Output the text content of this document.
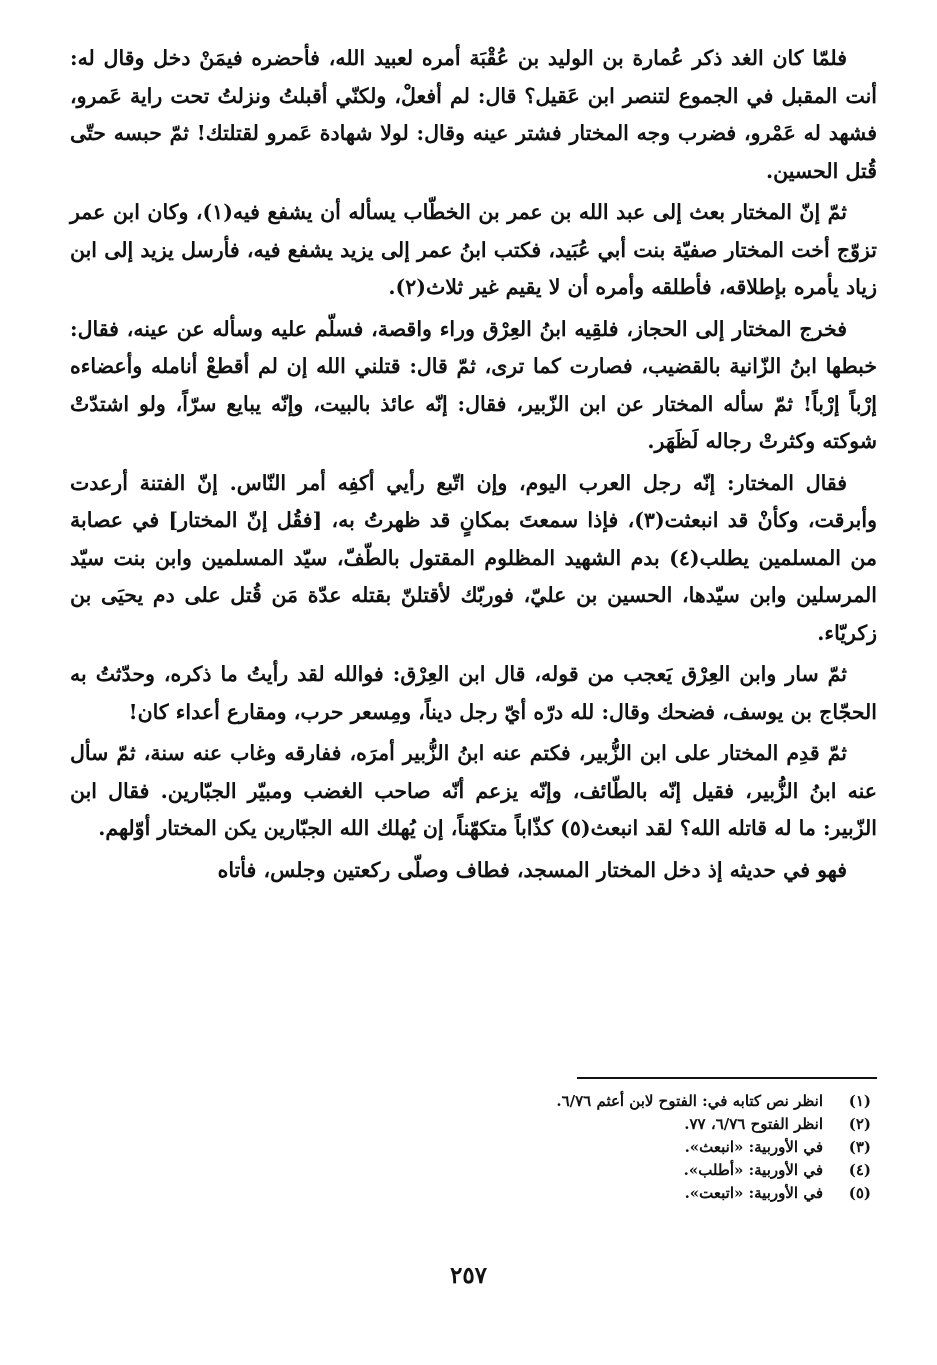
فلمّا كان الغد ذكر عُمارة بن الوليد بن عُقْبَة أمره لعبيد الله، فأحضره فيمَنْ دخل وقال له: أنت المقبل في الجموع لتنصر ابن عَقيل؟ قال: لم أفعلْ، ولكنّي أقبلتُ ونزلتُ تحت راية عَمرو، فشهد له عَمْرو، فضرب وجه المختار فشتر عينه وقال: لولا شهادة عَمرو لقتلتك! ثمّ حبسه حتّى قُتل الحسين.

ثمّ إنّ المختار بعث إلى عبد الله بن عمر بن الخطّاب يسأله أن يشفع فيه(١)، وكان ابن عمر تزوّج أخت المختار صفيّة بنت أبي عُبَيد، فكتب ابنُ عمر إلى يزيد يشفع فيه، فأرسل يزيد إلى ابن زياد يأمره بإطلاقه، فأطلقه وأمره أن لا يقيم غير ثلاث(٢).

فخرج المختار إلى الحجاز، فلقِيه ابنُ العِرْق وراء واقصة، فسلّم عليه وسأله عن عينه، فقال: خبطها ابنُ الزّانية بالقضيب، فصارت كما ترى، ثمّ قال: قتلني الله إن لم أقطعْ أنامله وأعضاءه إرْباً إرْباً! ثمّ سأله المختار عن ابن الزّبير، فقال: إنّه عائذ بالبيت، وإنّه يبايع سرّاً، ولو اشتدّتْ شوكته وكثرتْ رجاله لَظَهَر.

فقال المختار: إنّه رجل العرب اليوم، وإن اتّبع رأيي أكفِه أمر النّاس. إنّ الفتنة أرعدت وأبرقت، وكأنْ قد انبعثت(٣)، فإذا سمعتَ بمكانٍ قد ظهرتُ به، [فقُل إنّ المختار] في عصابة من المسلمين يطلب(٤) بدم الشهيد المظلوم المقتول بالطّفّ، سيّد المسلمين وابن بنت سيّد المرسلين وابن سيّدها، الحسين بن عليّ، فوربّك لأقتلنّ بقتله عدّة مَن قُتل على دم يحيَى بن زكريّاء.

ثمّ سار وابن العِرْق يَعجب من قوله، قال ابن العِرْق: فوالله لقد رأيتُ ما ذكره، وحدّثتُ به الحجّاج بن يوسف، فضحك وقال: لله درّه أيّ رجل ديناً، ومِسعر حرب، ومقارع أعداء كان!

ثمّ قدِم المختار على ابن الزُّبير، فكتم عنه ابنُ الزُّبير أمرَه، ففارقه وغاب عنه سنة، ثمّ سأل عنه ابنُ الزُّبير، فقيل إنّه بالطّائف، وإنّه يزعم أنّه صاحب الغضب ومبيّر الجبّارين. فقال ابن الزّبير: ما له قاتله الله؟ لقد انبعث(٥) كذّاباً متكهّناً، إن يُهلك الله الجبّارين يكن المختار أوّلهم.

فهو في حديثه إذ دخل المختار المسجد، فطاف وصلّى ركعتين وجلس، فأتاه

(١)
انظر نص كتابه في: الفتوح لابن أعثم ٦/٧٦.
(٢)
انظر الفتوح ٦/٧٦، ٧٧.
(٣)
في الأوربية: «انبعث».
(٤)
في الأوربية: «أطلب».
(٥)
في الأوربية: «اتبعت».
٢٥٧
